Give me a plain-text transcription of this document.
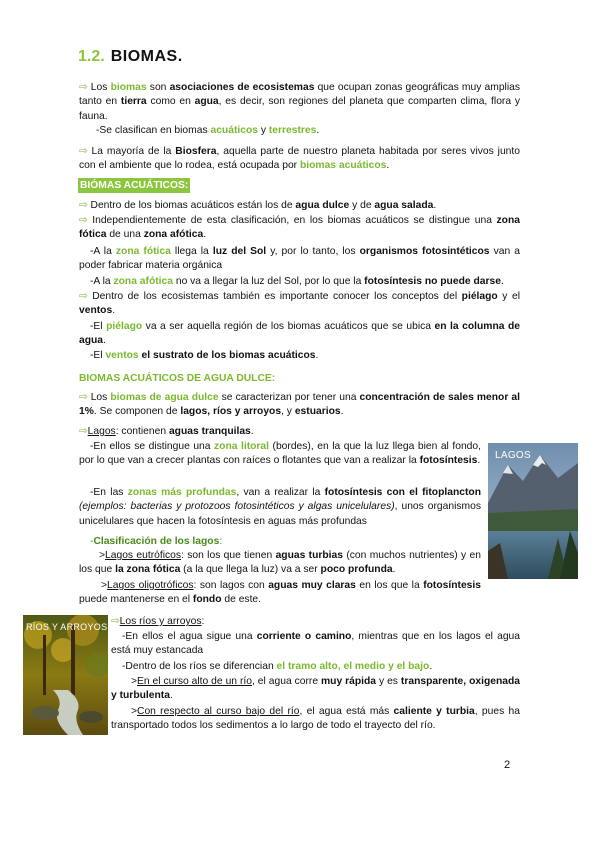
1.2. BIOMAS.
⇨ Los biomas son asociaciones de ecosistemas que ocupan zonas geográficas muy amplias tanto en tierra como en agua, es decir, son regiones del planeta que comparten clima, flora y fauna.
-Se clasifican en biomas acuáticos y terrestres.
⇨ La mayoría de la Biosfera, aquella parte de nuestro planeta habitada por seres vivos junto con el ambiente que lo rodea, está ocupada por biomas acuáticos.
BIÓMAS ACUÁTICOS:
⇨ Dentro de los biomas acuáticos están los de agua dulce y de agua salada.
⇨ Independientemente de esta clasificación, en los biomas acuáticos se distingue una zona fótica de una zona afótica.
-A la zona fótica llega la luz del Sol y, por lo tanto, los organismos fotosintéticos van a poder fabricar materia orgánica
-A la zona afótica no va a llegar la luz del Sol, por lo que la fotosíntesis no puede darse.
⇨ Dentro de los ecosistemas también es importante conocer los conceptos del piélago y el ventos.
-El piélago va a ser aquella región de los biomas acuáticos que se ubica en la columna de agua.
-El ventos el sustrato de los biomas acuáticos.
BIOMAS ACUÁTICOS DE AGUA DULCE:
⇨ Los biomas de agua dulce se caracterizan por tener una concentración de sales menor al 1%. Se componen de lagos, ríos y arroyos, y estuarios.
⇨Lagos: contienen aguas tranquilas.
-En ellos se distingue una zona litoral (bordes), en la que la luz llega bien al fondo, por lo que van a crecer plantas con raíces o flotantes que van a realizar la fotosíntesis.
-En las zonas más profundas, van a realizar la fotosíntesis con el fitoplancton (ejemplos: bacterias y protozoos fotosintéticos y algas unicelulares), unos organismos unicelulares que hacen la fotosíntesis en aguas más profundas
-Clasificación de los lagos:
>Lagos eutróficos: son los que tienen aguas turbias (con muchos nutrientes) y en los que la zona fótica (a la que llega la luz) va a ser poco profunda.
>Lagos oligotróficos: son lagos con aguas muy claras en los que la fotosíntesis puede mantenerse en el fondo de este.
LAGOS
RÍOS Y ARROYOS ⇨Los ríos y arroyos:
-En ellos el agua sigue una corriente o camino, mientras que en los lagos el agua está muy estancada
-Dentro de los ríos se diferencian el tramo alto, el medio y el bajo.
>En el curso alto de un río, el agua corre muy rápida y es transparente, oxigenada y turbulenta.
>Con respecto al curso bajo del río, el agua está más caliente y turbia, pues ha transportado todos los sedimentos a lo largo de todo el trayecto del río.
2
